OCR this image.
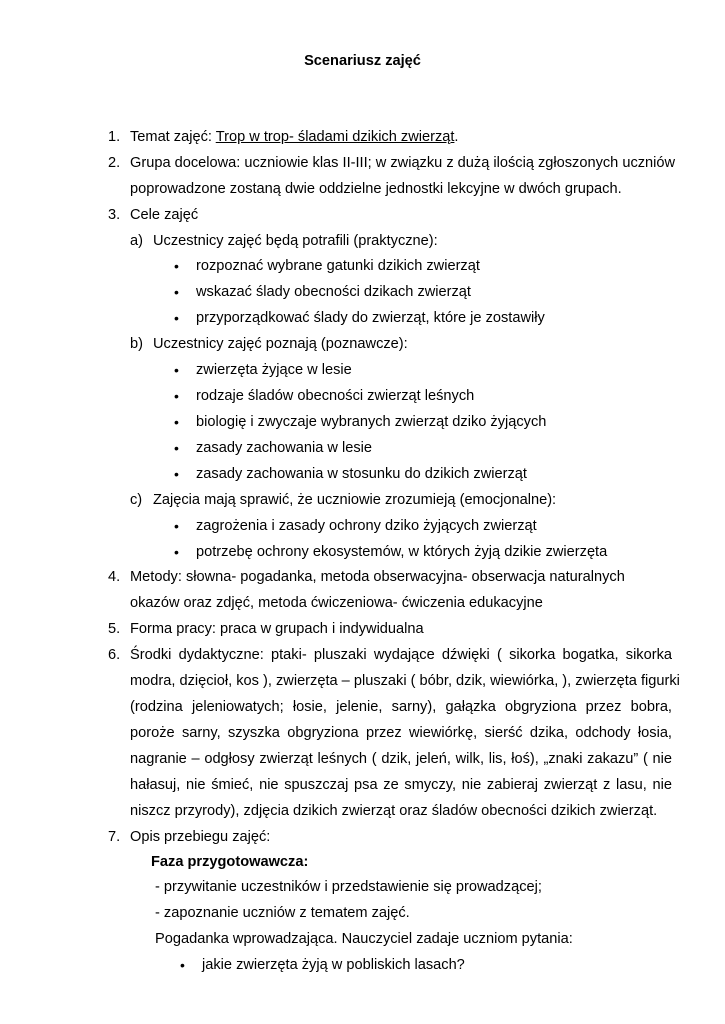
Scenariusz zajęć
1. Temat zajęć: Trop w trop- śladami dzikich zwierząt.
2. Grupa docelowa: uczniowie klas II-III; w związku z dużą ilością zgłoszonych uczniów
poprowadzone zostaną dwie oddzielne jednostki lekcyjne w dwóch grupach.
3. Cele zajęć
a) Uczestnicy zajęć będą potrafili (praktyczne):
• rozpoznać wybrane gatunki dzikich zwierząt
• wskazać ślady obecności dzikach zwierząt
• przyporządkować ślady do zwierząt, które je zostawiły
b) Uczestnicy zajęć poznają (poznawcze):
• zwierzęta żyjące w lesie
• rodzaje śladów obecności zwierząt leśnych
• biologię i zwyczaje wybranych zwierząt dziko żyjących
• zasady zachowania w lesie
• zasady zachowania w stosunku do dzikich zwierząt
c) Zajęcia mają sprawić, że uczniowie zrozumieją (emocjonalne):
• zagrożenia i zasady ochrony dziko żyjących zwierząt
• potrzebę ochrony ekosystemów, w których żyją dzikie zwierzęta
4. Metody: słowna- pogadanka, metoda obserwacyjna- obserwacja naturalnych
okazów oraz zdjęć, metoda ćwiczeniowa- ćwiczenia edukacyjne
5. Forma pracy: praca w grupach i indywidualna
6. Środki dydaktyczne: ptaki- pluszaki wydające dźwięki ( sikorka bogatka, sikorka
modra, dzięcioł, kos ), zwierzęta – pluszaki ( bóbr, dzik, wiewiórka, ), zwierzęta figurki
(rodzina jeleniowatych; łosie, jelenie, sarny), gałązka obgryziona przez bobra,
poroże sarny, szyszka obgryziona przez wiewiórkę, sierść dzika, odchody łosia,
nagranie – odgłosy zwierząt leśnych ( dzik, jeleń, wilk, lis, łoś), „znaki zakazu” ( nie
hałasuj, nie śmieć, nie spuszczaj psa ze smyczy, nie zabieraj zwierząt z lasu, nie
niszcz przyrody), zdjęcia dzikich zwierząt oraz śladów obecności dzikich zwierząt.
7. Opis przebiegu zajęć:
Faza przygotowawcza:
- przywitanie uczestników i przedstawienie się prowadzącej;
- zapoznanie uczniów z tematem zajęć.
Pogadanka wprowadzająca. Nauczyciel zadaje uczniom pytania:
• jakie zwierzęta żyją w pobliskich lasach?
